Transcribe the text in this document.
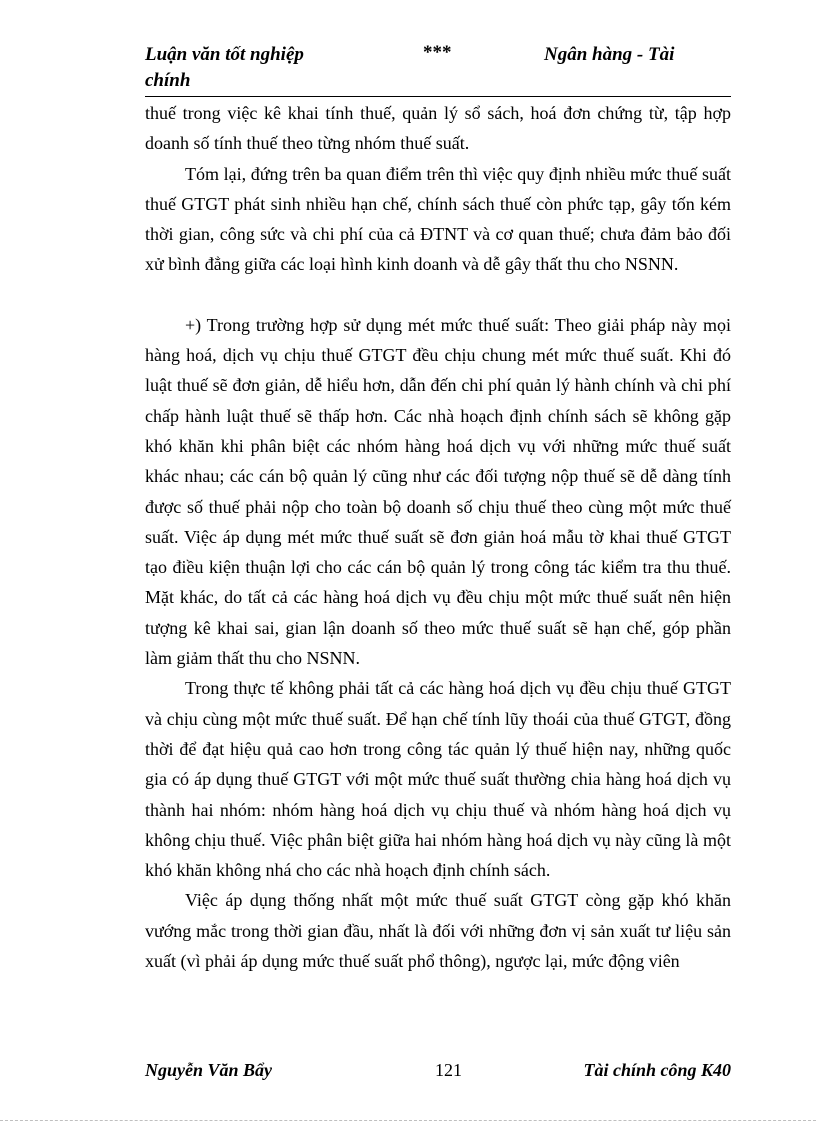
Luận văn tốt nghiệp
chính
***	Ngân hàng - Tài

thuế trong việc kê khai tính thuế, quản lý sổ sách, hoá đơn chứng từ, tập hợp doanh số tính thuế theo từng nhóm thuế suất.

Tóm lại, đứng trên ba quan điểm trên thì việc quy định nhiều mức thuế suất thuế GTGT phát sinh nhiều hạn chế, chính sách thuế còn phức tạp, gây tốn kém thời gian, công sức và chi phí của cả ĐTNT và cơ quan thuế; chưa đảm bảo đối xử bình đẳng giữa các loại hình kinh doanh và dễ gây thất thu cho NSNN.

+) Trong trường hợp sử dụng mét mức thuế suất: Theo giải pháp này mọi hàng hoá, dịch vụ chịu thuế GTGT đều chịu chung mét mức thuế suất. Khi đó luật thuế sẽ đơn giản, dễ hiểu hơn, dẫn đến chi phí quản lý hành chính và chi phí chấp hành luật thuế sẽ thấp hơn. Các nhà hoạch định chính sách sẽ không gặp khó khăn khi phân biệt các nhóm hàng hoá dịch vụ với những mức thuế suất khác nhau; các cán bộ quản lý cũng như các đối tượng nộp thuế sẽ dễ dàng tính được số thuế phải nộp cho toàn bộ doanh số chịu thuế theo cùng một mức thuế suất. Việc áp dụng mét mức thuế suất sẽ đơn giản hoá mẫu tờ khai thuế GTGT tạo điều kiện thuận lợi cho các cán bộ quản lý trong công tác kiểm tra thu thuế. Mặt khác, do tất cả các hàng hoá dịch vụ đều chịu một mức thuế suất nên hiện tượng kê khai sai, gian lận doanh số theo mức thuế suất sẽ hạn chế, góp phần làm giảm thất thu cho NSNN.

Trong thực tế không phải tất cả các hàng hoá dịch vụ đều chịu thuế GTGT và chịu cùng một mức thuế suất. Để hạn chế tính lũy thoái của thuế GTGT, đồng thời để đạt hiệu quả cao hơn trong công tác quản lý thuế hiện nay, những quốc gia có áp dụng thuế GTGT với một mức thuế suất thường chia hàng hoá dịch vụ thành hai nhóm: nhóm hàng hoá dịch vụ chịu thuế và nhóm hàng hoá dịch vụ không chịu thuế. Việc phân biệt giữa hai nhóm hàng hoá dịch vụ này cũng là một khó khăn không nhá cho các nhà hoạch định chính sách.

Việc áp dụng thống nhất một mức thuế suất GTGT còng gặp khó khăn vướng mắc trong thời gian đầu, nhất là đối với những đơn vị sản xuất tư liệu sản xuất (vì phải áp dụng mức thuế suất phổ thông), ngược lại, mức động viên

Nguyễn Văn Bẩy	121	Tài chính công K40
